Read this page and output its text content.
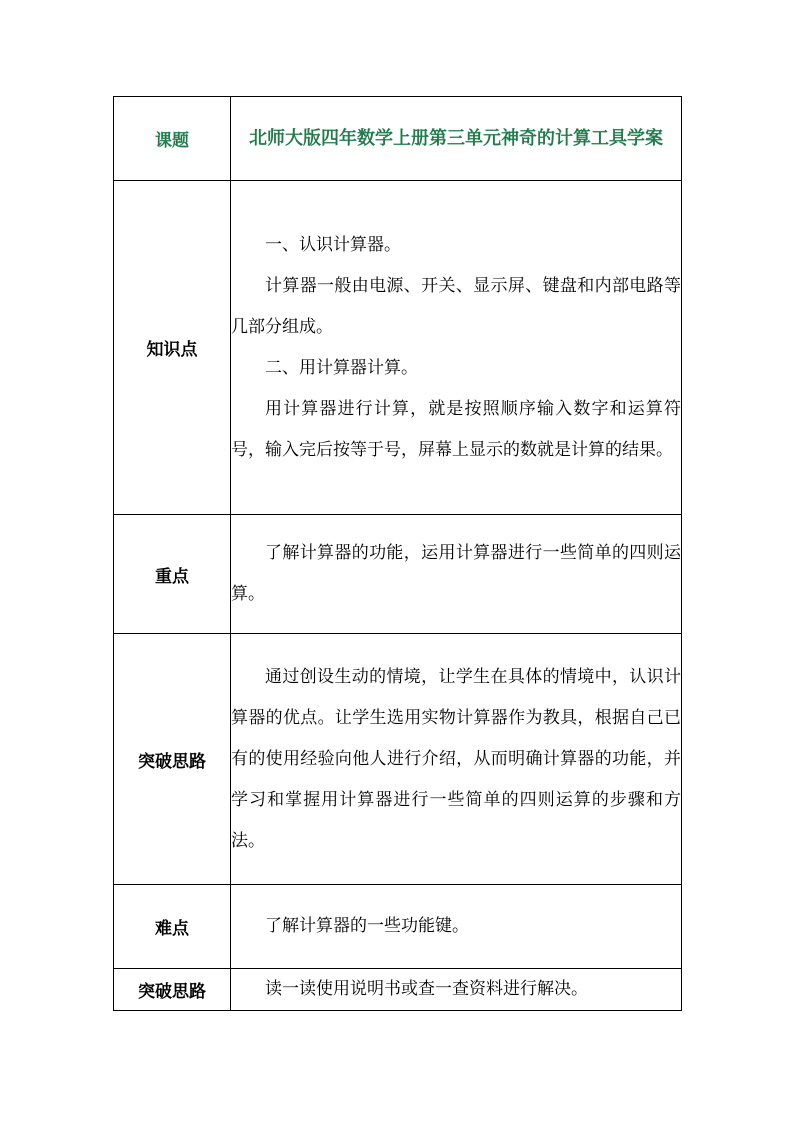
课题	北师大版四年数学上册第三单元神奇的计算工具学案
知识点	一、认识计算器。

计算器一般由电源、开关、显示屏、键盘和内部电路等几部分组成。

二、用计算器计算。

用计算器进行计算，就是按照顺序输入数字和运算符号，输入完后按等于号，屏幕上显示的数就是计算的结果。

重点	了解计算器的功能，运用计算器进行一些简单的四则运算。

突破思路	通过创设生动的情境，让学生在具体的情境中，认识计算器的优点。让学生选用实物计算器作为教具，根据自己已有的使用经验向他人进行介绍，从而明确计算器的功能，并学习和掌握用计算器进行一些简单的四则运算的步骤和方法。

难点	了解计算器的一些功能键。

突破思路	读一读使用说明书或查一查资料进行解决。
